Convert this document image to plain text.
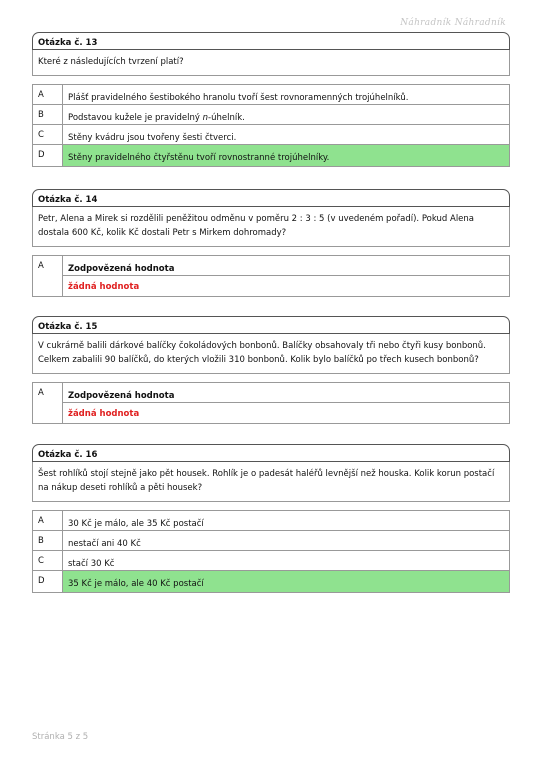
Náhradník Náhradník
Otázka č. 13
Které z následujících tvrzení platí?
A	Plášť pravidelného šestibokého hranolu tvoří šest rovnoramenných trojúhelníků.
B	Podstavou kužele je pravidelný n-úhelník.
C	Stěny kvádru jsou tvořeny šesti čtverci.
D	Stěny pravidelného čtyřstěnu tvoří rovnostranné trojúhelníky.
Otázka č. 14
Petr, Alena a Mirek si rozdělili peněžitou odměnu v poměru 2 : 3 : 5 (v uvedeném pořadí). Pokud Alena dostala 600 Kč, kolik Kč dostali Petr s Mirkem dohromady?
A	Zodpovězená hodnota
žádná hodnota
Otázka č. 15
V cukrárně balili dárkové balíčky čokoládových bonbonů. Balíčky obsahovaly tři nebo čtyři kusy bonbonů. Celkem zabalili 90 balíčků, do kterých vložili 310 bonbonů. Kolik bylo balíčků po třech kusech bonbonů?
A	Zodpovězená hodnota
žádná hodnota
Otázka č. 16
Šest rohlíků stojí stejně jako pět housek. Rohlík je o padesát haléřů levnější než houska. Kolik korun postačí na nákup deseti rohlíků a pěti housek?
A	30 Kč je málo, ale 35 Kč postačí
B	nestačí ani 40 Kč
C	stačí 30 Kč
D	35 Kč je málo, ale 40 Kč postačí
Stránka 5 z 5
